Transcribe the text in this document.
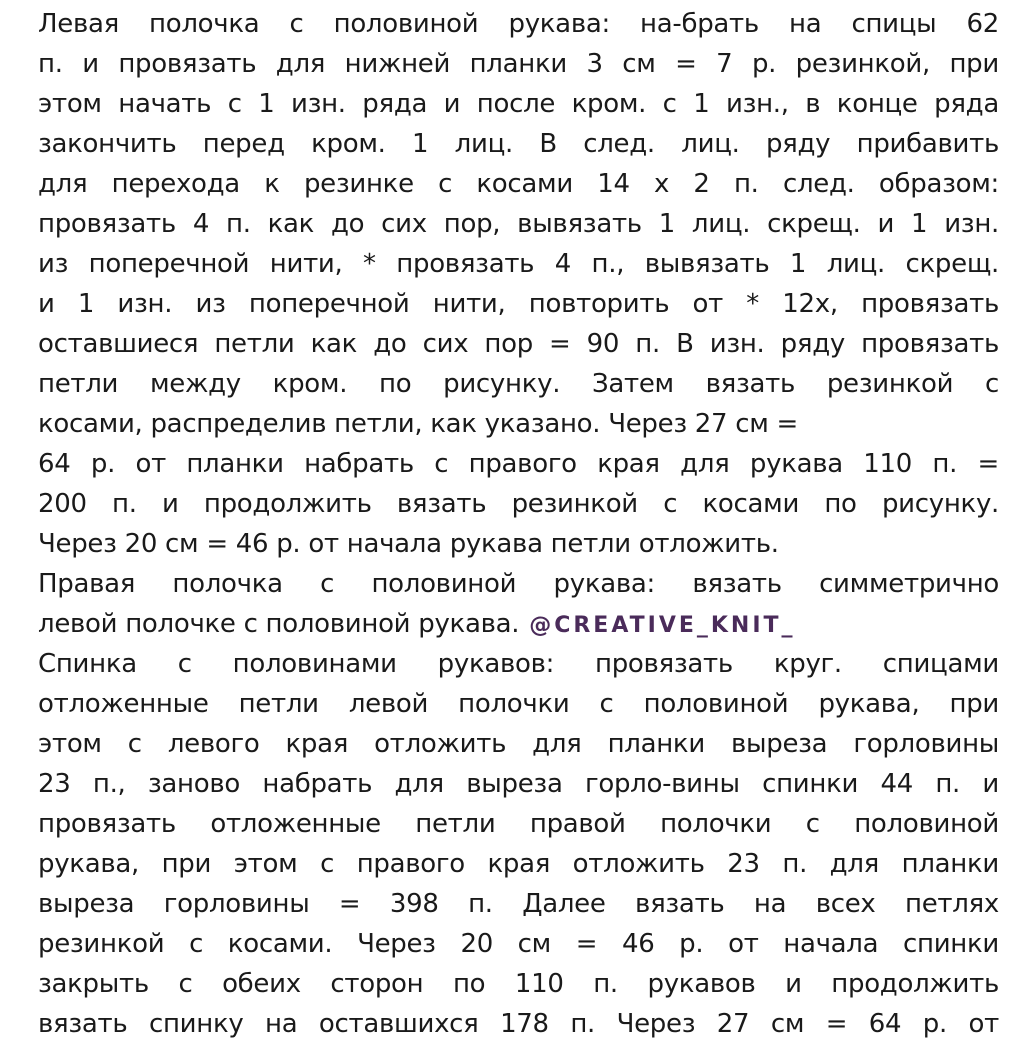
Левая полочка с половиной рукава: на-брать на спицы 62
п. и провязать для нижней планки 3 см = 7 р. резинкой, при
этом начать с 1 изн. ряда и после кром. с 1 изн., в конце ряда
закончить перед кром. 1 лиц. В след. лиц. ряду прибавить
для перехода к резинке с косами 14 х 2 п. след. образом:
провязать 4 п. как до сих пор, вывязать 1 лиц. скрещ. и 1 изн.
из поперечной нити, * провязать 4 п., вывязать 1 лиц. скрещ.
и 1 изн. из поперечной нити, повторить от * 12х, провязать
оставшиеся петли как до сих пор = 90 п. В изн. ряду провязать
петли между кром. по рисунку. Затем вязать резинкой с
косами, распределив петли, как указано. Через 27 см =
64 р. от планки набрать с правого края для рукава 110 п. =
200 п. и продолжить вязать резинкой с косами по рисунку.
Через 20 см = 46 р. от начала рукава петли отложить.
Правая полочка с половиной рукава: вязать симметрично
левой полочке с половиной рукава. @CREATIVE_KNIT_
Спинка с половинами рукавов: провязать круг. спицами
отложенные петли левой полочки с половиной рукава, при
этом с левого края отложить для планки выреза горловины
23 п., заново набрать для выреза горло-вины спинки 44 п. и
провязать отложенные петли правой полочки с половиной
рукава, при этом с правого края отложить 23 п. для планки
выреза горловины = 398 п. Далее вязать на всех петлях
резинкой с косами. Через 20 см = 46 р. от начала спинки
закрыть с обеих сторон по 110 п. рукавов и продолжить
вязать спинку на оставшихся 178 п. Через 27 см = 64 р. от
